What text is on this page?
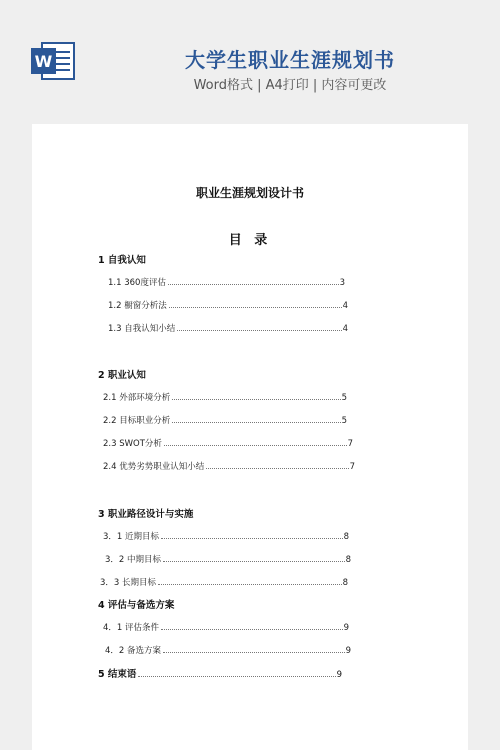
W	大学生职业生涯规划书
Word格式 | A4打印 | 内容可更改
职业生涯规划设计书
目 录
1 自我认知
1.1 360度评估	3
1.2 橱窗分析法	4
1.3 自我认知小结	4
2 职业认知
2.1 外部环境分析	5
2.2 目标职业分析	5
2.3 SWOT分析	7
2.4 优势劣势职业认知小结	7
3 职业路径设计与实施
3．1 近期目标	8
3．2 中期目标	8
3．3 长期目标	8
4 评估与备选方案
4．1 评估条件	9
4．2 备选方案	9
5 结束语	9
